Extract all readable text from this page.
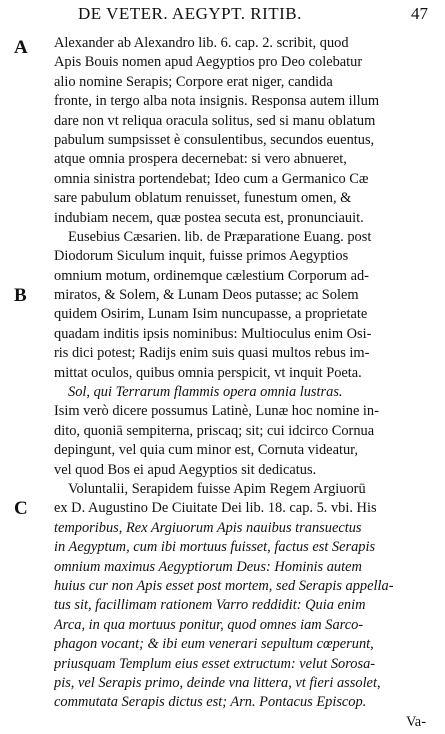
DE VETER. AEGYPT. RITIB.	47
A
B
C
Alexander ab Alexandro lib. 6. cap. 2. scribit, quod
Apis Bouis nomen apud Aegyptios pro Deo colebatur
alio nomine Serapis; Corpore erat niger, candida
fronte, in tergo alba nota insignis. Responsa autem illum
dare non vt reliqua oracula solitus, sed si manu oblatum
pabulum sumpsisset è consulentibus, secundos euentus,
atque omnia prospera decernebat: si vero abnueret,
omnia sinistra portendebat; Ideo cum a Germanico Cæ
sare pabulum oblatum renuisset, funestum omen, &
indubiam necem, quæ postea secuta est, pronunciauit.
Eusebius Cæsarien. lib. de Præparatione Euang. post
Diodorum Siculum inquit, fuisse primos Aegyptios
omnium motum, ordinemque cælestium Corporum ad-
miratos, & Solem, & Lunam Deos putasse; ac Solem
quidem Osirim, Lunam Isim nuncupasse, a proprietate
quadam inditis ipsis nominibus: Multioculus enim Osi-
ris dici potest; Radijs enim suis quasi multos rebus im-
mittat oculos, quibus omnia perspicit, vt inquit Poeta.
Sol, qui Terrarum flammis opera omnia lustras.
Isim verò dicere possumus Latinè, Lunæ hoc nomine in-
dito, quoniā sempiterna, priscaq; sit; cui idcirco Cornua
depingunt, vel quia cum minor est, Cornuta videatur,
vel quod Bos ei apud Aegyptios sit dedicatus.
Voluntalii, Serapidem fuisse Apim Regem Argiuorū
ex D. Augustino De Ciuitate Dei lib. 18. cap. 5. vbi. His
temporibus, Rex Argiuorum Apis nauibus transuectus
in Aegyptum, cum ibi mortuus fuisset, factus est Serapis
omnium maximus Aegyptiorum Deus: Hominis autem
huius cur non Apis esset post mortem, sed Serapis appella-
tus sit, facillimam rationem Varro reddidit: Quia enim
Arca, in qua mortuus ponitur, quod omnes iam Sarco-
phagon vocant; & ibi eum venerari sepultum cœperunt,
priusquam Templum eius esset extructum: velut Sorosa-
pis, vel Serapis primo, deinde vna littera, vt fieri assolet,
commutata Serapis dictus est; Arn. Pontacus Episcop.
Va-
